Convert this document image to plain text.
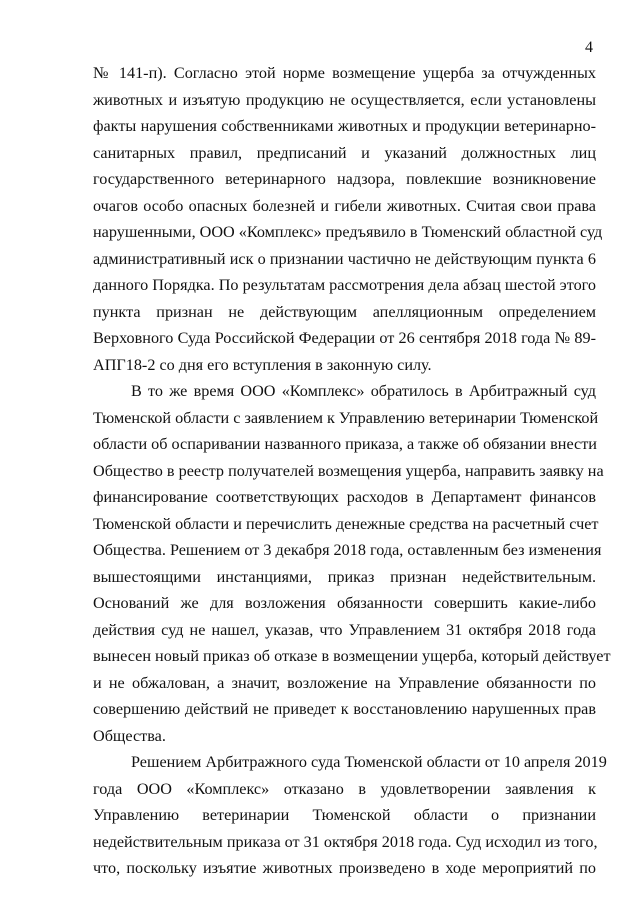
4
№ 141-п). Согласно этой норме возмещение ущерба за отчужденных
животных и изъятую продукцию не осуществляется, если установлены
факты нарушения собственниками животных и продукции ветеринарно-
санитарных правил, предписаний и указаний должностных лиц
государственного ветеринарного надзора, повлекшие возникновение
очагов особо опасных болезней и гибели животных. Считая свои права
нарушенными, ООО «Комплекс» предъявило в Тюменский областной суд
административный иск о признании частично не действующим пункта 6
данного Порядка. По результатам рассмотрения дела абзац шестой этого
пункта признан не действующим апелляционным определением
Верховного Суда Российской Федерации от 26 сентября 2018 года № 89-
АПГ18-2 со дня его вступления в законную силу.
В то же время ООО «Комплекс» обратилось в Арбитражный суд
Тюменской области с заявлением к Управлению ветеринарии Тюменской
области об оспаривании названного приказа, а также об обязании внести
Общество в реестр получателей возмещения ущерба, направить заявку на
финансирование соответствующих расходов в Департамент финансов
Тюменской области и перечислить денежные средства на расчетный счет
Общества. Решением от 3 декабря 2018 года, оставленным без изменения
вышестоящими инстанциями, приказ признан недействительным.
Оснований же для возложения обязанности совершить какие-либо
действия суд не нашел, указав, что Управлением 31 октября 2018 года
вынесен новый приказ об отказе в возмещении ущерба, который действует
и не обжалован, а значит, возложение на Управление обязанности по
совершению действий не приведет к восстановлению нарушенных прав
Общества.
Решением Арбитражного суда Тюменской области от 10 апреля 2019
года ООО «Комплекс» отказано в удовлетворении заявления к
Управлению ветеринарии Тюменской области о признании
недействительным приказа от 31 октября 2018 года. Суд исходил из того,
что, поскольку изъятие животных произведено в ходе мероприятий по
